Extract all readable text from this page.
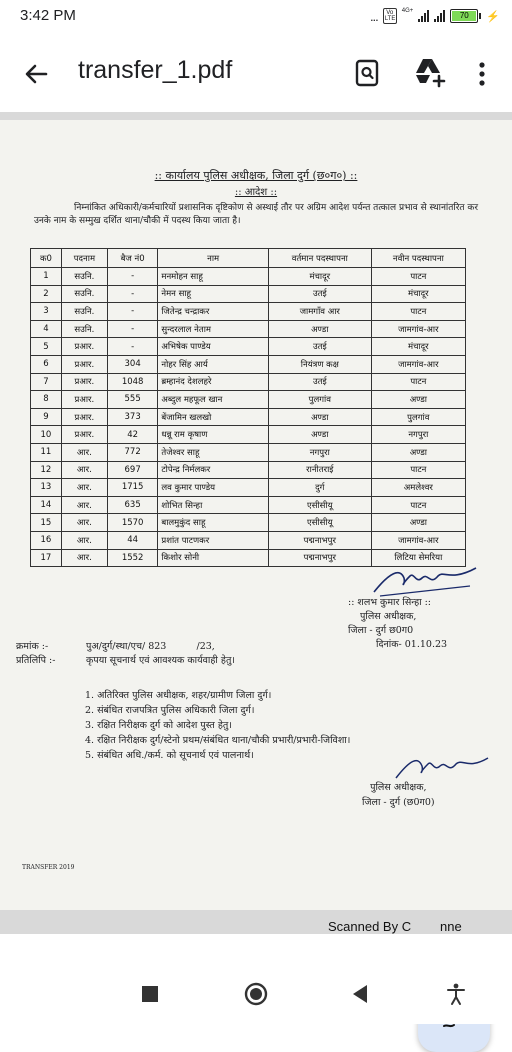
3:42 PM	...	Vo LTE
4G+	70	⚡
transfer_1.pdf
:: कार्यालय पुलिस अधीक्षक, जिला दुर्ग (छ०ग०) ::
:: आदेश ::
निम्नांकित अधिकारी/कर्मचारियों प्रशासनिक दृष्टिकोण से अस्थाई तौर पर अग्रिम आदेश पर्यन्त तत्काल प्रभाव से स्थानांतरित कर उनके नाम के सम्मुख दर्शित थाना/चौकी में पदस्थ किया जाता है।
क0	पदनाम	बैज नं0	नाम	वर्तमान पदस्थापना	नवीन पदस्थापना
1	सउनि.	-	मनमोहन साहू	मंचादूर	पाटन
2	सउनि.	-	नेमन साहू	उतई	मंचादूर
3	सउनि.	-	जितेन्द्र चन्द्राकर	जामगाँव आर	पाटन
4	सउनि.	-	सुन्दरलाल नेताम	अण्डा	जामगांव-आर
5	प्रआर.	-	अभिषेक पाण्डेय	उतई	मंचादूर
6	प्रआर.	304	नोहर सिंह आर्य	नियंत्रण कक्ष	जामगांव-आर
7	प्रआर.	1048	ब्रम्हानंद देशलहरे	उतई	पाटन
8	प्रआर.	555	अब्दुल महफूल खान	पुलगांव	अण्डा
9	प्रआर.	373	बेंजामिन खलखो	अण्डा	पुलगांव
10	प्रआर.	42	धन्नू राम कृषाण	अण्डा	नगपुरा
11	आर.	772	तेजेश्वर साहू	नगपुरा	अण्डा
12	आर.	697	टोपेन्द्र निर्मलकर	रानीतराई	पाटन
13	आर.	1715	लव कुमार पाण्डेय	दुर्ग	अमलेश्वर
14	आर.	635	शोभित सिन्हा	एसीसीयू	पाटन
15	आर.	1570	बालमुकुंद साहू	एसीसीयू	अण्डा
16	आर.	44	प्रशांत पाटणकर	पद्मनाभपुर	जामगांव-आर
17	आर.	1552	किशोर सोनी	पद्मनाभपुर	लिटिया सेमरिया
:: शलभ कुमार सिन्हा ::
पुलिस अधीक्षक,
जिला - दुर्ग छ0ग0
दिनांक- 01.10.23
क्रमांक :-	पुअ/दुर्ग/स्था/एच/ 823          /23,
प्रतिलिपि :-	कृपया सूचनार्थ एवं आवश्यक कार्यवाही हेतु।
1. अतिरिक्त पुलिस अधीक्षक, शहर/ग्रामीण जिला दुर्ग।
2. संबंधित राजपत्रित पुलिस अधिकारी जिला दुर्ग।
3. रक्षित निरीक्षक दुर्ग को आदेश पुस्त हेतु।
4. रक्षित निरीक्षक दुर्ग/स्टेनो प्रथम/संबंधित थाना/चौकी प्रभारी/प्रभारी-जिविशा।
5. संबंधित अधि./कर्म. को सूचनार्थ एवं पालनार्थ।
पुलिस अधीक्षक,
जिला - दुर्ग (छ0ग0)
TRANSFER 2019
Scanned By C        nne
